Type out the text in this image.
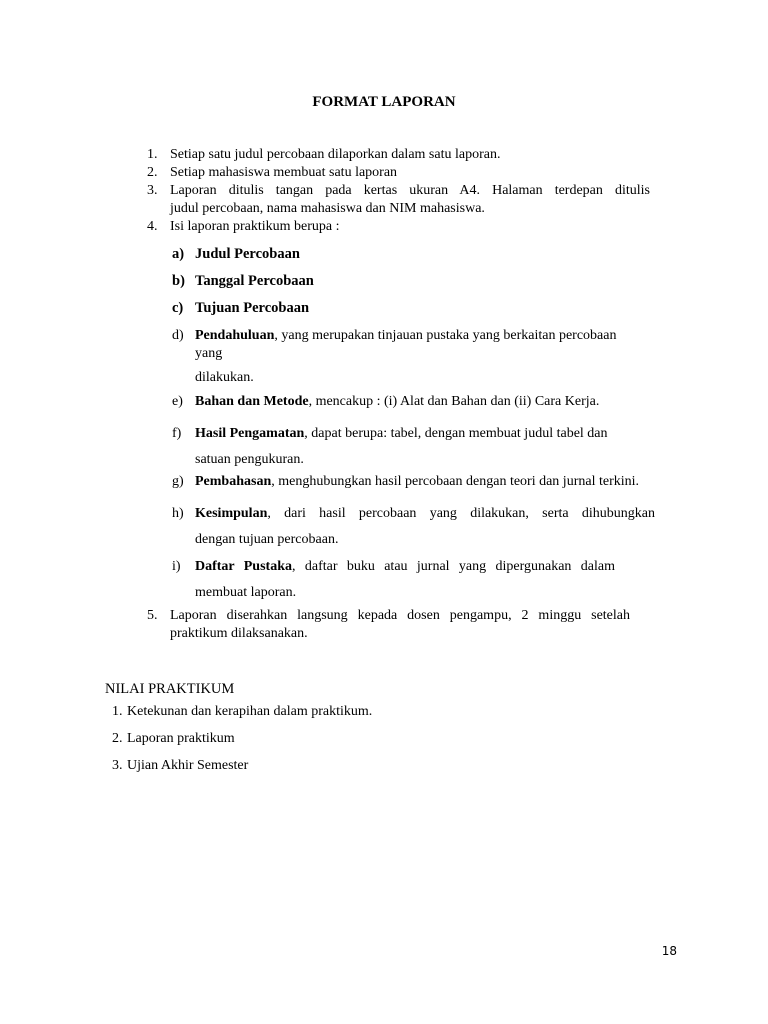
FORMAT LAPORAN
1. Setiap satu judul percobaan dilaporkan dalam satu laporan.
2. Setiap mahasiswa membuat satu laporan
3. Laporan ditulis tangan pada kertas ukuran A4. Halaman terdepan ditulis
judul percobaan, nama mahasiswa dan NIM mahasiswa.
4. Isi laporan praktikum berupa :
a) Judul Percobaan
b) Tanggal Percobaan
c) Tujuan Percobaan
d) Pendahuluan, yang merupakan tinjauan pustaka yang berkaitan percobaan
yang
dilakukan.
e) Bahan dan Metode, mencakup : (i) Alat dan Bahan dan (ii) Cara Kerja.
f) Hasil Pengamatan, dapat berupa: tabel, dengan membuat judul tabel dan
satuan pengukuran.
g) Pembahasan, menghubungkan hasil percobaan dengan teori dan jurnal terkini.
h) Kesimpulan, dari hasil percobaan yang dilakukan, serta dihubungkan
dengan tujuan percobaan.
i) Daftar Pustaka, daftar buku atau jurnal yang dipergunakan dalam
membuat laporan.
5. Laporan diserahkan langsung kepada dosen pengampu, 2 minggu setelah
praktikum dilaksanakan.
NILAI PRAKTIKUM
1. Ketekunan dan kerapihan dalam praktikum.
2. Laporan praktikum
3. Ujian Akhir Semester
18
